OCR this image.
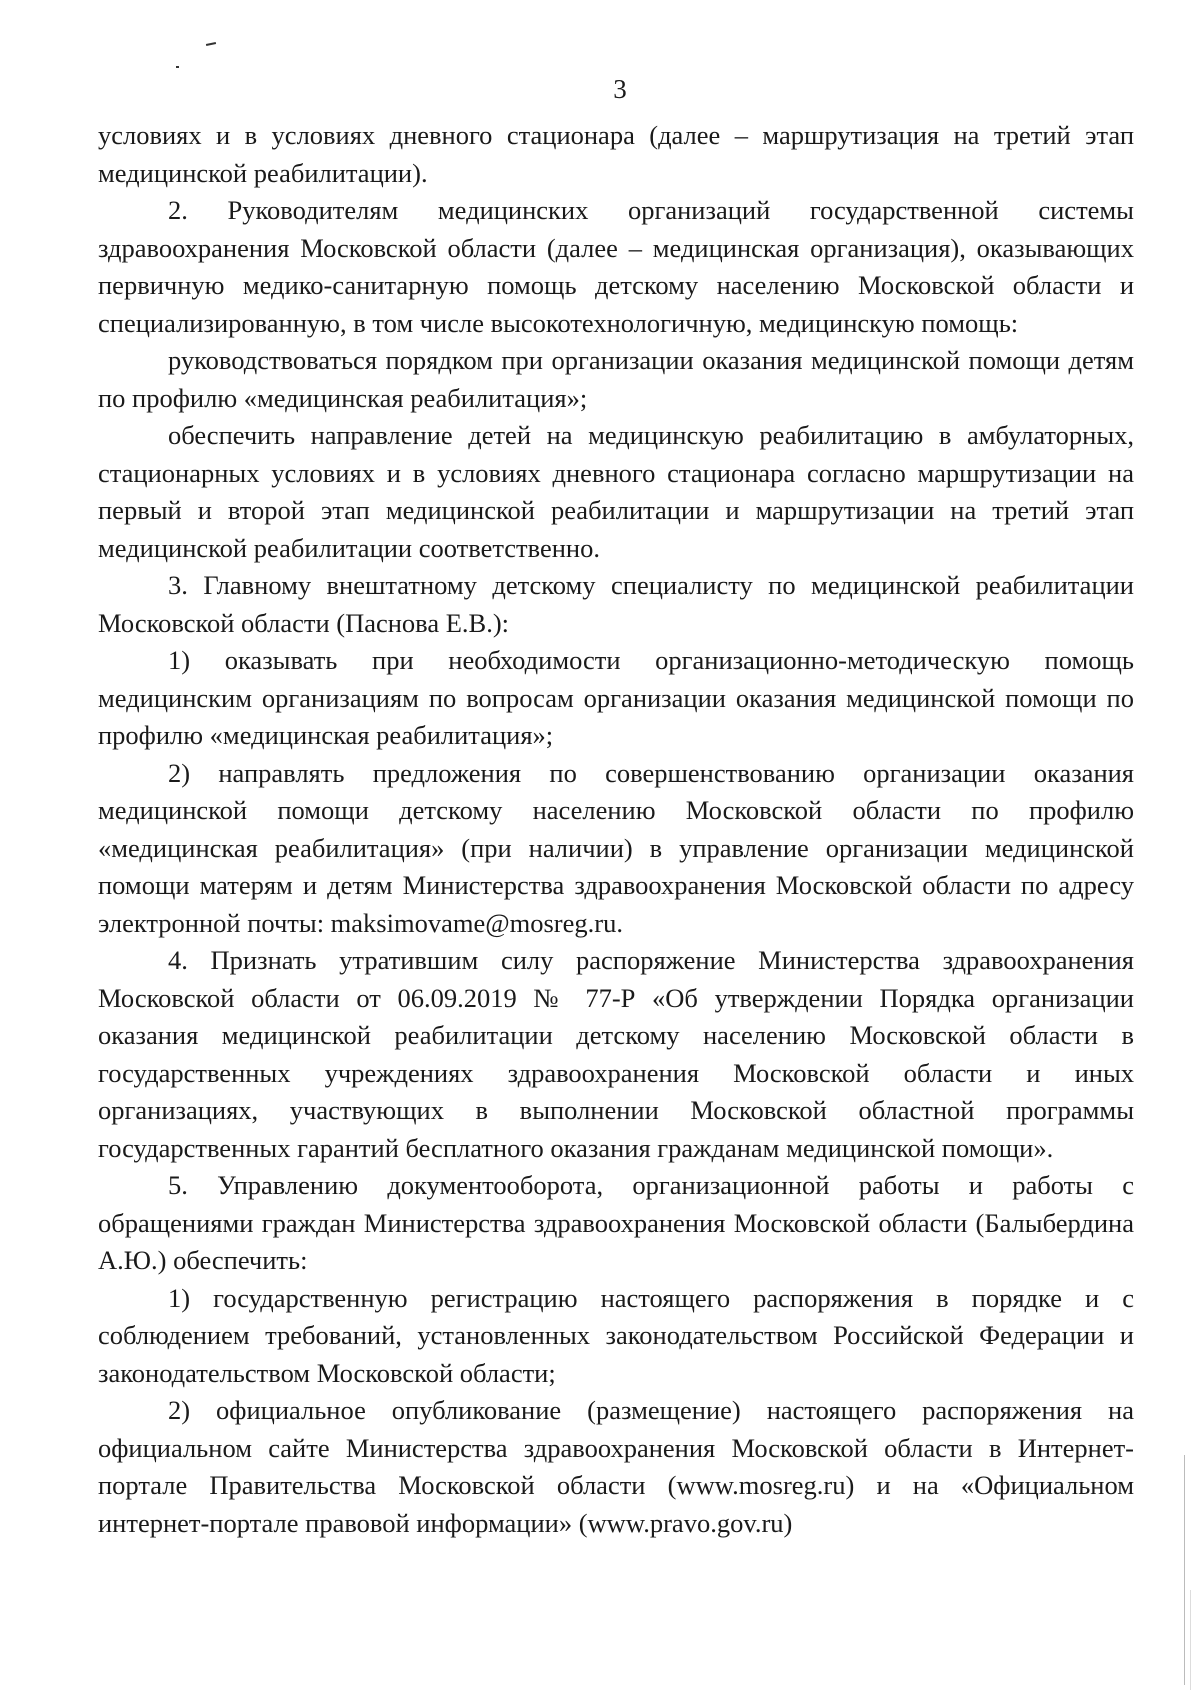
3

условиях и в условиях дневного стационара (далее – маршрутизация на третий этап медицинской реабилитации).

2. Руководителям медицинских организаций государственной системы здравоохранения Московской области (далее – медицинская организация), оказывающих первичную медико-санитарную помощь детскому населению Московской области и специализированную, в том числе высокотехнологичную, медицинскую помощь:

руководствоваться порядком при организации оказания медицинской помощи детям по профилю «медицинская реабилитация»;

обеспечить направление детей на медицинскую реабилитацию в амбулаторных, стационарных условиях и в условиях дневного стационара согласно маршрутизации на первый и второй этап медицинской реабилитации и маршрутизации на третий этап медицинской реабилитации соответственно.

3. Главному внештатному детскому специалисту по медицинской реабилитации Московской области (Паснова Е.В.):

1) оказывать при необходимости организационно-методическую помощь медицинским организациям по вопросам организации оказания медицинской помощи по профилю «медицинская реабилитация»;

2) направлять предложения по совершенствованию организации оказания медицинской помощи детскому населению Московской области по профилю «медицинская реабилитация» (при наличии) в управление организации медицинской помощи матерям и детям Министерства здравоохранения Московской области по адресу электронной почты: maksimovame@mosreg.ru.

4. Признать утратившим силу распоряжение Министерства здравоохранения Московской области от 06.09.2019 № 77-Р «Об утверждении Порядка организации оказания медицинской реабилитации детскому населению Московской области в государственных учреждениях здравоохранения Московской области и иных организациях, участвующих в выполнении Московской областной программы государственных гарантий бесплатного оказания гражданам медицинской помощи».

5. Управлению документооборота, организационной работы и работы с обращениями граждан Министерства здравоохранения Московской области (Балыбердина А.Ю.) обеспечить:

1) государственную регистрацию настоящего распоряжения в порядке и с соблюдением требований, установленных законодательством Российской Федерации и законодательством Московской области;

2) официальное опубликование (размещение) настоящего распоряжения на официальном сайте Министерства здравоохранения Московской области в Интернет-портале Правительства Московской области (www.mosreg.ru) и на «Официальном интернет-портале правовой информации» (www.pravo.gov.ru)
